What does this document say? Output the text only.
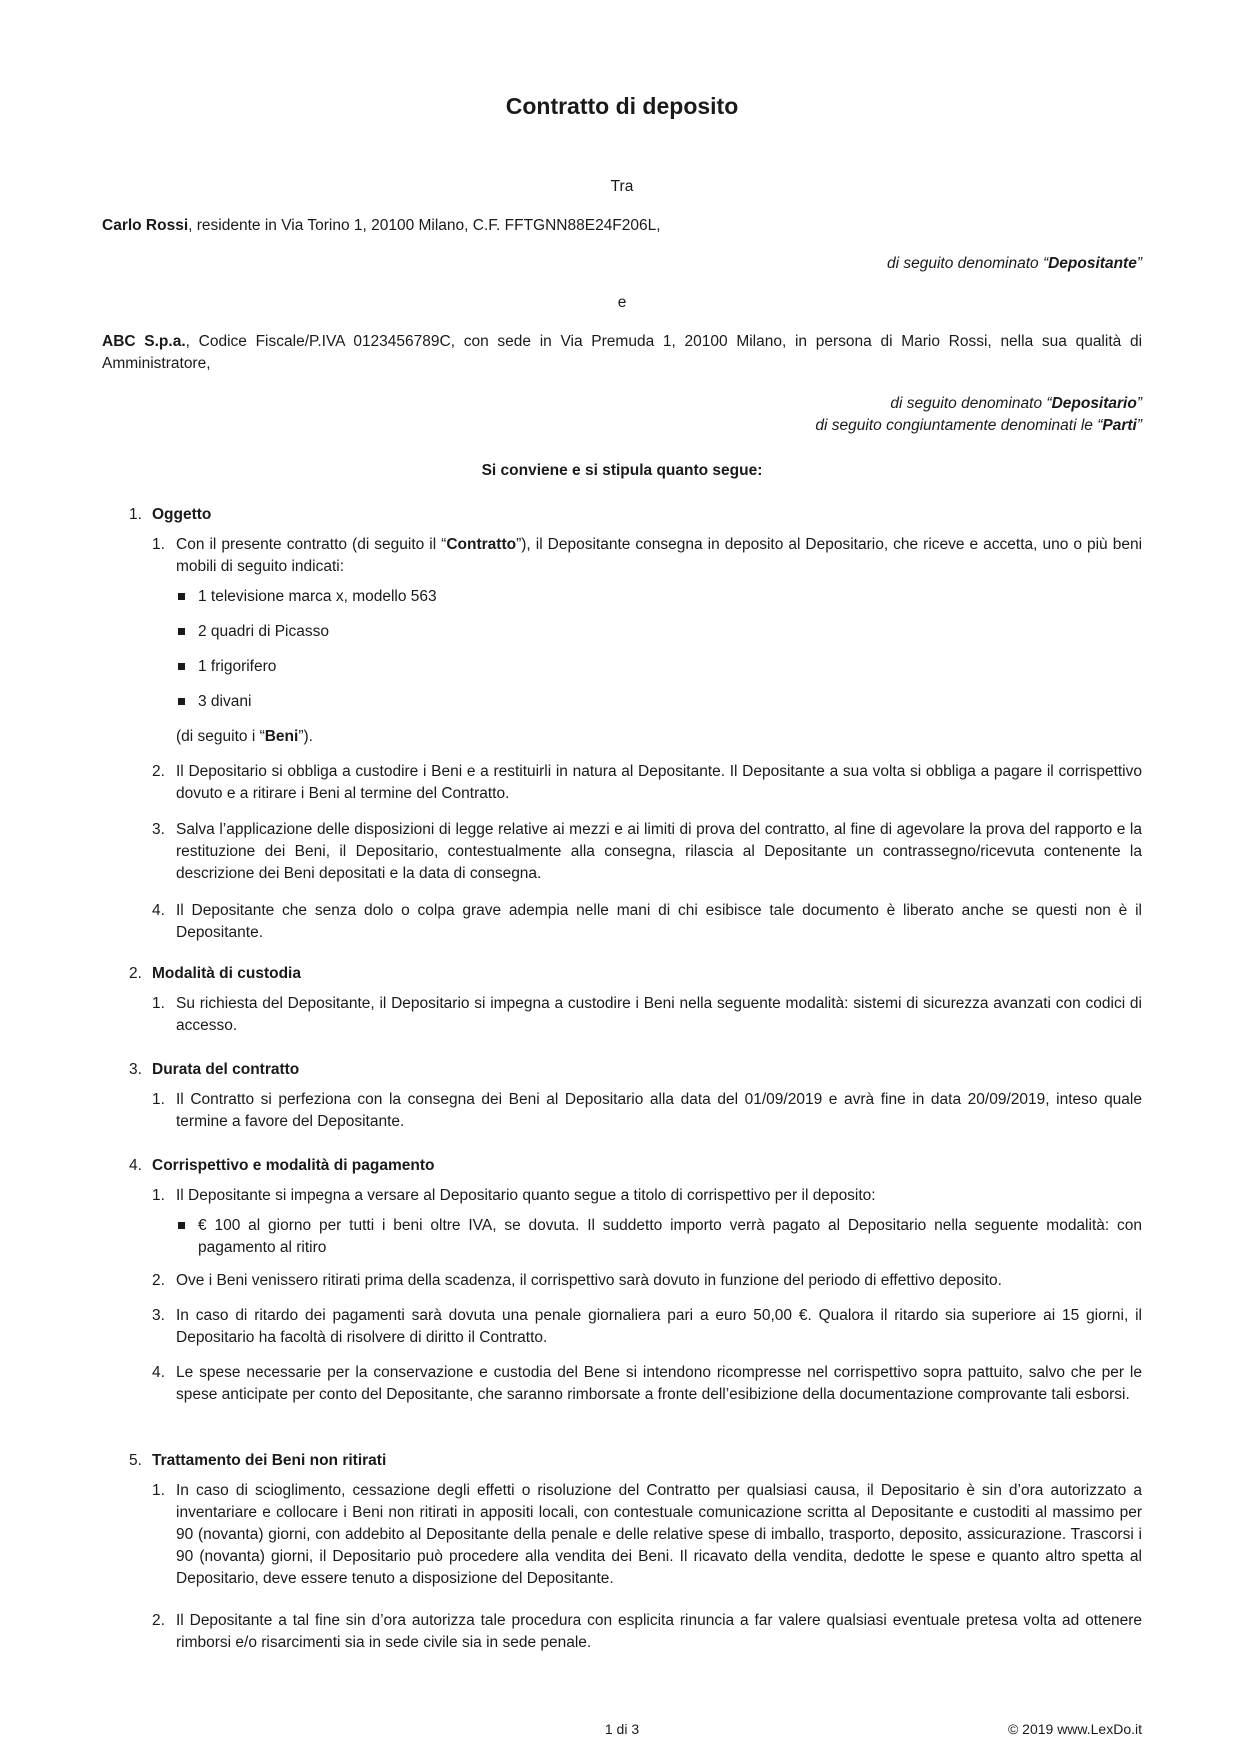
Contratto di deposito
Tra
Carlo Rossi, residente in Via Torino 1, 20100 Milano, C.F. FFTGNN88E24F206L,
di seguito denominato “Depositante”
e
ABC S.p.a., Codice Fiscale/P.IVA 0123456789C, con sede in Via Premuda 1, 20100 Milano, in persona di Mario Rossi, nella sua qualità di Amministratore,
di seguito denominato “Depositario”
di seguito congiuntamente denominati le “Parti”
Si conviene e si stipula quanto segue:
1. Oggetto
1. Con il presente contratto (di seguito il “Contratto”), il Depositante consegna in deposito al Depositario, che riceve e accetta, uno o più beni mobili di seguito indicati:
1 televisione marca x, modello 563
2 quadri di Picasso
1 frigorifero
3 divani
(di seguito i “Beni”).
2. Il Depositario si obbliga a custodire i Beni e a restituirli in natura al Depositante. Il Depositante a sua volta si obbliga a pagare il corrispettivo dovuto e a ritirare i Beni al termine del Contratto.
3. Salva l’applicazione delle disposizioni di legge relative ai mezzi e ai limiti di prova del contratto, al fine di agevolare la prova del rapporto e la restituzione dei Beni, il Depositario, contestualmente alla consegna, rilascia al Depositante un contrassegno/ricevuta contenente la descrizione dei Beni depositati e la data di consegna.
4. Il Depositante che senza dolo o colpa grave adempia nelle mani di chi esibisce tale documento è liberato anche se questi non è il Depositante.
2. Modalità di custodia
1. Su richiesta del Depositante, il Depositario si impegna a custodire i Beni nella seguente modalità: sistemi di sicurezza avanzati con codici di accesso.
3. Durata del contratto
1. Il Contratto si perfeziona con la consegna dei Beni al Depositario alla data del 01/09/2019 e avrà fine in data 20/09/2019, inteso quale termine a favore del Depositante.
4. Corrispettivo e modalità di pagamento
1. Il Depositante si impegna a versare al Depositario quanto segue a titolo di corrispettivo per il deposito:
€ 100 al giorno per tutti i beni oltre IVA, se dovuta. Il suddetto importo verrà pagato al Depositario nella seguente modalità: con pagamento al ritiro
2. Ove i Beni venissero ritirati prima della scadenza, il corrispettivo sarà dovuto in funzione del periodo di effettivo deposito.
3. In caso di ritardo dei pagamenti sarà dovuta una penale giornaliera pari a euro 50,00 €. Qualora il ritardo sia superiore ai 15 giorni, il Depositario ha facoltà di risolvere di diritto il Contratto.
4. Le spese necessarie per la conservazione e custodia del Bene si intendono ricompresse nel corrispettivo sopra pattuito, salvo che per le spese anticipate per conto del Depositante, che saranno rimborsate a fronte dell’esibizione della documentazione comprovante tali esborsi.
5. Trattamento dei Beni non ritirati
1. In caso di scioglimento, cessazione degli effetti o risoluzione del Contratto per qualsiasi causa, il Depositario è sin d’ora autorizzato a inventariare e collocare i Beni non ritirati in appositi locali, con contestuale comunicazione scritta al Depositante e custoditi al massimo per 90 (novanta) giorni, con addebito al Depositante della penale e delle relative spese di imballo, trasporto, deposito, assicurazione. Trascorsi i 90 (novanta) giorni, il Depositario può procedere alla vendita dei Beni. Il ricavato della vendita, dedotte le spese e quanto altro spetta al Depositario, deve essere tenuto a disposizione del Depositante.
2. Il Depositante a tal fine sin d’ora autorizza tale procedura con esplicita rinuncia a far valere qualsiasi eventuale pretesa volta ad ottenere rimborsi e/o risarcimenti sia in sede civile sia in sede penale.
1 di 3	© 2019 www.LexDo.it
